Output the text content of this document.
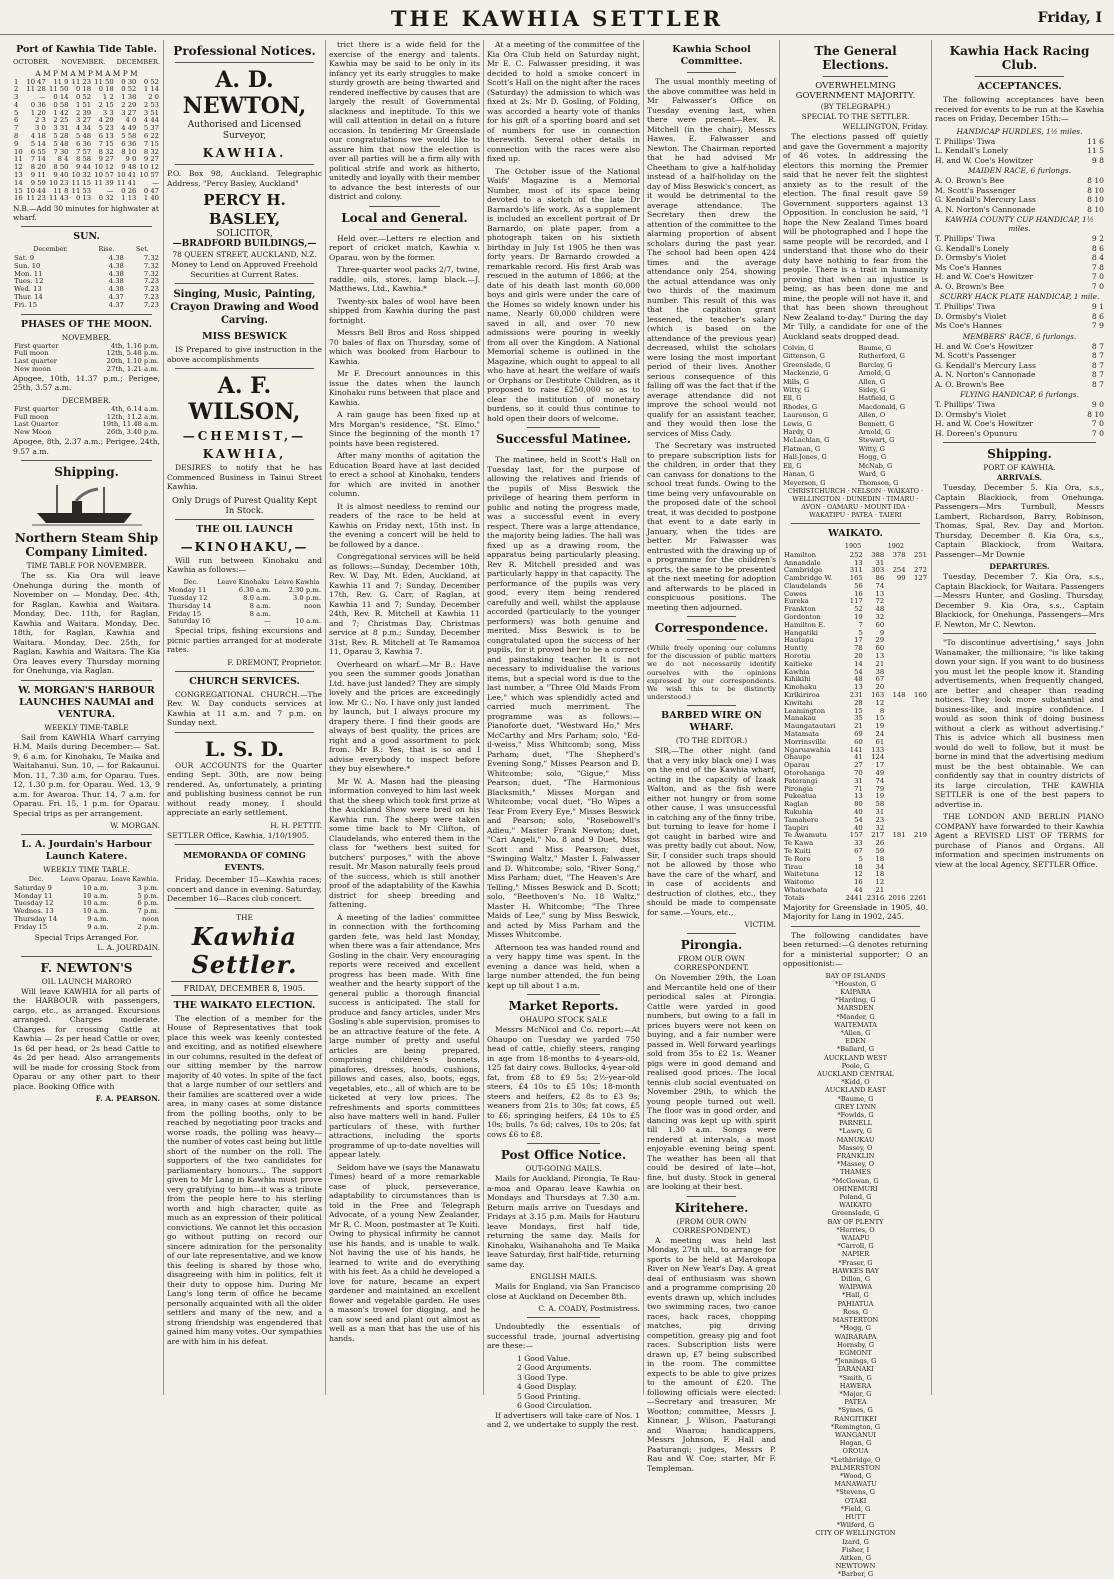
THE KAWHIA SETTLER	Friday, I
Port of Kawhia Tide Table.
OCTOBER. NOVEMBER. DECEMBER.
A M P M A M P M A M P M
1	10 47	11 9	11 23	11 50	0 30	0 52
2	11 28	11 50	0 18	0 18	0 52	1 14
3	—	0 14	0 52	1 2	1 38	2 0
4	0 36	0 58	1 51	2 15	2 29	2 53
5	1 20	1 42	2 39	3 3	3 27	3 51
6	2 3	2 25	3 27	4 29	4 0	4 44
7	3 0	3 31	4 34	5 23	4 49	5 37
8	4 18	5 28	5 48	6 13	5 58	6 22
9	5 14	5 48	6 36	7 15	6 36	7 15
10	6 55	7 30	7 57	8 32	8 10	8 32
11	7 14	8 4	8 58	9 27	9 0	9 27
12	8 20	8 50	9 44	10 12	9 48	10 12
13	9 11	9 40	10 32	10 57	10 41	10 57
14	9 59	10 23	11 15	11 39	11 41	—
15	10 44	11 8	11 53	—	0 26	0 47
16	11 23	11 43	0 13	0 32	1 13	1 40
N.B.—Add 30 minutes for highwater at wharf.
SUN.
December.	Rise.	Set.
Sat. 9	4.38	7.32
Sun. 10	4.38	7.32
Mon. 11	4.38	7.32
Tues. 12	4.38	7.23
Wed. 13	4.38	7.23
Thur. 14	4.37	7.23
Fri. 15	4.37	7.23
PHASES OF THE MOON.
NOVEMBER.
First quarter	4th, 1.16 p.m.
Full moon	12th, 5.48 p.m.
Last quarter	20th, 1.10 p.m.
New moon	27th, 1.21 a.m.

Apogee, 10th, 11.37 p.m.; Perigee, 25th, 3.57 a.m.

DECEMBER.
First quarter	4th, 6.14 a.m.
Full moon	12th, 11.2 a.m.
Last Quarter	19th, 11.48 a.m.
New Moon	26th, 3.40 p.m.

Apogee, 8th, 2.37 a.m.; Perigee, 24th, 9.57 a.m.

Shipping.
Northern Steam Ship Company Limited.
TIME TABLE FOR NOVEMBER.

The ss. Kia Ora will leave Onehunga during the month of November on — Monday, Dec. 4th, for Raglan, Kawhia and Waitara. Monday, Dec. 11th, for Raglan, Kawhia and Waitara. Monday, Dec. 18th, for Raglan, Kawhia and Waitara. Monday, Dec. 25th, for Raglan, Kawhia and Waitara. The Kia Ora leaves every Thursday morning for Onehunga, via Raglan.

W. MORGAN'S HARBOUR LAUNCHES NAUMAI and VENTURA.
WEEKLY TIME-TABLE

Sail from KAWHIA Wharf carrying H.M. Mails during December:— Sat. 9, 6 a.m. for Kinohaku, Te Maika and Waitahanui. Sun. 10, — for Rakaunui. Mon. 11, 7.30 a.m. for Oparau. Tues. 12, 1.30 p.m. for Oparau. Wed. 13, 9 a.m. for Awaroa. Thur. 14, 7 a.m. for Oparau. Fri. 15, 1 p.m. for Oparau. Special trips as per arrangement.

W. MORGAN.
L. A. Jourdain's Harbour Launch Katere.
WEEKLY TIME TABLE.
Dec.	Leave Oparau.	Leave Kawhia.
Saturday 9	10 a.m.	3 p.m.
Monday 11	10 a.m.	5 p.m.
Tuesday 12	10 a.m.	6 p.m.
Wednes. 13	10 a.m.	7 p.m.
Thursday 14	9 a.m.	noon
Friday 15	9 a.m.	2 p.m.
Special Trips Arranged For.
L. A. JOURDAIN.
F. NEWTON'S
OIL LAUNCH MARORO

Will leave KAWHIA for all parts of the HARBOUR with passengers, cargo, etc., as arranged. Excursions arranged. Charges moderate. Charges for crossing Cattle at Kawhia — 2s per head Cattle or over, 1s 6d per head, or 2s head Cattle to 4s 2d per head. Also arrangements will be made for crossing Stock from Oparau or any other part to their place. Booking Office with

F. A. PEARSON.
Professional Notices.
A. D. NEWTON,
Authorised and Licensed Surveyor,
KAWHIA.

P.O. Box 98, Auckland. Telegraphic Address, "Percy Basley, Auckland"

PERCY H. BASLEY,
SOLICITOR,
—BRADFORD BUILDINGS,—
78 QUEEN STREET, AUCKLAND, N.Z.

Money to Lend on Approved Freehold Securities at Current Rates.

Singing, Music, Painting, Crayon Drawing and Wood Carving.
MISS BESWICK

IS Prepared to give instruction in the above accomplishments

A. F. WILSON,
—CHEMIST,—
KAWHIA,

DESIRES to notify that he has Commenced Business in Tainui Street Kawhia.

Only Drugs of Purest Quality Kept In Stock.
THE OIL LAUNCH
—KINOHAKU,—

Will run between Kinohaku and Kawhia as follows:—

Dec.	Leave Kinohaku	Leave Kawhia
Monday 11	6.30 a.m.	2.30 p.m.
Tuesday 12	8.0 a.m.	3.0 p.m.
Thursday 14	8 a.m.	noon
Friday 15	8 a.m.	
Saturday 16	—	10 a.m.

Special trips, fishing excursions and picnic parties arranged for at moderate rates.

F. DREMONT, Proprietor.
CHURCH SERVICES.

CONGREGATIONAL CHURCH.—The Rev. W. Day conducts services at Kawhia at 11 a.m. and 7 p.m. on Sunday next.

L. S. D.

OUR ACCOUNTS for the Quarter ending Sept. 30th, are now being rendered. As, unfortunately, a printing and publishing business cannot be run without ready money, I should appreciate an early settlement.

H. H. PETTIT.

SETTLER Office, Kawhia, 1/10/1905.

MEMORANDA OF COMING EVENTS.

Friday, December 15—Kawhia races; concert and dance in evening. Saturday, December 16—Races club concert.

THE
Kawhia Settler.
FRIDAY, DECEMBER 8, 1905.
THE WAIKATO ELECTION.

The election of a member for the House of Representatives that took place this week was keenly contested and exciting, and as notified elsewhere in our columns, resulted in the defeat of our sitting member by the narrow majority of 40 votes. In spite of the fact that a large number of our settlers and their families are scattered over a wide area, in many cases at some distance from the polling booths, only to be reached by negotiating poor tracks and worse roads, the polling was heavy—the number of votes cast being but little short of the number on the roll. The supporters of the two candidates for parliamentary honours... The support given to Mr Lang in Kawhia must prove very gratifying to him—it was a tribute from the people here to his sterling worth and high character, quite as much as an expression of their political convictions. We cannot let this occasion go without putting on record our sincere admiration for the personality of our late representative, and we know this feeling is shared by those who, disagreeing with him in politics, felt it their duty to oppose him. During Mr Lang's long term of office he became personally acquainted with all the older settlers and many of the new, and a strong friendship was engendered that gained him many votes. Our sympathies are with him in his defeat.

trict there is a wide field for the exercise of the energy and talents. Kawhia may be said to be only in its infancy yet its early struggles to make sturdy growth are being thwarted and rendered ineffective by causes that are largely the result of Governmental slackness and ineptitude. To this we will call attention in detail on a future occasion. In tendering Mr Greenslade our congratulations we would like to assure him that now the election is over all parties will be a firm ally with political strife and work as hitherto, unitedly and loyally with their member to advance the best interests of our district and colony.

Local and General.

Held over.—Letters re election and report of cricket match, Kawhia v. Oparau, won by the former.

Three-quarter wool packs 2/7, twine, raddle, oils, stores, lamp black.—J. Matthews, Ltd., Kawhia.*

Twenty-six bales of wool have been shipped from Kawhia during the past fortnight.

Messrs Bell Bros and Ross shipped 70 bales of flax on Thursday, some of which was booked from Harbour to Kawhia.

Mr F. Drecourt announces in this issue the dates when the launch Kinohaku runs between that place and Kawhia.

A rain gauge has been fixed up at Mrs Morgan's residence, "St. Elmo." Since the beginning of the month 17 points have been registered.

After many months of agitation the Education Board have at last decided to erect a school at Kinohaku, tenders for which are invited in another column.

It is almost needless to remind our readers of the race to be held at Kawhia on Friday next, 15th inst. In the evening a concert will be held to be followed by a dance.

Congregational services will be held as follows:—Sunday, December 10th, Rev. W. Day, Mt. Eden, Auckland, at Kawhia 11 and 7; Sunday, December 17th, Rev. G. Carr, of Raglan, at Kawhia 11 and 7; Sunday, December 24th, Rev. R. Mitchell at Kawhia 11 and 7; Christmas Day, Christmas service at 8 p.m.; Sunday, December 31st, Rev. R. Mitchell at Te Ramamoa 11, Oparau 3, Kawhia 7.

Overheard on wharf.—Mr B.: Have you seen the summer goods Jonathan Ltd. have just landed? They are simply lovely and the prices are exceedingly low. Mr C.: No. I have only just landed by launch, but I always procure my drapery there. I find their goods are always of best quality, the prices are right and a good assortment to pick from. Mr B.: Yes, that is so and I advise everybody to inspect before they buy elsewhere.*

Mr W. A. Mason had the pleasing information conveyed to him last week that the sheep which took first prize at the Auckland Show were bred on his Kawhia run. The sheep were taken some time back to Mr Clifton, of Claudelands, who entered them in the class for "wethers best suited for butchers' purposes," with the above result. Mr Mason naturally feels proud of the success, which is still another proof of the adaptability of the Kawhia district for sheep breeding and fattening.

A meeting of the ladies' committee in connection with the forthcoming garden fete, was held last Monday, when there was a fair attendance, Mrs Gosling in the chair. Very encouraging reports were received and excellent progress has been made. With fine weather and the hearty support of the general public a thorough financial success is anticipated. The stall for produce and fancy articles, under Mrs Gosling's able supervision, promises to be an attractive feature of the fete. A large number of pretty and useful articles are being prepared, comprising children's bonnets, pinafores, dresses, hoods, cushions, pillows and cases, also, boots, eggs, vegetables, etc., all of which are to be ticketed at very low prices. The refreshments and sports committees also have matters well in hand. Fuller particulars of these, with further attractions, including the sports programme of up-to-date novelties will appear lately.

Seldom have we (says the Manawatu Times) heard of a more remarkable case of pluck, perseverance, adaptability to circumstances than is told in the Free and Telegraph Advocate, of a young New Zealander, Mr R. C. Moon, postmaster at Te Kuiti. Owing to physical infirmity he cannot use his hands, and is unable to walk. Not having the use of his hands, he learned to write and do everything with his feet. As a child he developed a love for nature, became an expert gardener and maintained an excellent flower and vegetable garden. He uses a mason's trowel for digging, and he can sow seed and plant out almost as well as a man that has the use of his hands.

At a meeting of the committee of the Kia Ora Club held on Saturday night, Mr E. C. Falwasser presiding, it was decided to hold a smoke concert in Scott's Hall on the night after the races (Saturday) the admission to which was fixed at 2s. Mr D. Gosling, of Folding, was accorded a hearty vote of thanks for his gift of a sporting board and set of numbers for use in connection therewith. Several other details in connection with the races were also fixed up.

The October issue of the National Waifs' Magazine is a Memorial Number, most of its space being devoted to a sketch of the late Dr Barnardo's life work. As a supplement is included an excellent portrait of Dr Barnardo, on plate paper, from a photograph taken on his sixtieth birthday in July 1st 1905 he then was forty years. Dr Barnardo crowded a remarkable record. His first Arab was rescued in the autumn of 1866; at the date of his death last month 60,000 boys and girls were under the care of the Homes so widely known under his name. Nearly 60,000 children were saved in all, and over 70 new admissions were pouring in weekly from all over the Kingdom. A National Memorial scheme is outlined in the Magazine, which ought to appeal to all who have at heart the welfare of waifs or Orphans or Destitute Children, as it proposed to raise £250,000 so as to clear the institution of monetary burdens, so it could thus continue to hold open their doors of welcome.

Successful Matinee.

The matinee, held in Scott's Hall on Tuesday last, for the purpose of allowing the relatives and friends of the pupils of Miss Beswick the privilege of hearing them perform in public and noting the progress made, was a successful event in every respect. There was a large attendance, the majority being ladies. The hall was fixed up as a drawing room, the apparatus being particularly pleasing. Rev R. Mitchell presided and was particularly happy in that capacity. The performance of the pupils was very good, every item being rendered carefully and well, whilst the applause accorded (particularly to the younger performers) was both genuine and merited. Miss Beswick is to be congratulated upon the success of her pupils, for it proved her to be a correct and painstaking teacher. It is not necessary to individualise the various items, but a special word is due to the last number, a "Three Old Maids From Lee," which was splendidly acted and carried much merriment. The programme was as follows:— Pianoforte duet, "Westward Ho," Mrs McCarthy and Mrs Parham; solo, "Ed-il-weiss," Miss Whitcomb; song, Miss Parham; duet, "The Shepherd's Evening Song," Misses Pearson and D. Whitcombe; solo, "Gigue," Miss Pearson; duet, "The Harmonious Blacksmith," Misses Morgan and Whitcombe; vocal duet, "Ho Wipes a Tear From Every Eye," Misses Beswick and Pearson; solo, "Rosebowell's Adieu," Master Frank Newton; duet, "Cari Angeli," No. 8 and 9 Duet, Miss Scott and Miss Pearson; duet, "Swinging Waltz," Master I. Falwasser and D. Whitcombe; solo, "River Song," Miss Parham; duet, "The Heaven's Are Telling," Misses Beswick and D. Scott; solo, "Beethoven's No. 18 Waltz," Master H. Whitcombe; "The Three Maids of Lee," sung by Miss Beswick, and acted by Miss Parham and the Misses Whitcombe.

Afternoon tea was handed round and a very happy time was spent. In the evening a dance was held, when a large number attended, the fun being kept up till about 1 a.m.

Market Reports.
OHAUPO STOCK SALE

Messrs McNicol and Co. report:—At Ohaupo on Tuesday we yarded 750 head of cattle, chiefly steers, ranging in age from 18-months to 4-years-old, 125 fat dairy cows. Bullocks, 4-year-old fat, from £8 to £9 5s; 2½-year-old steers, £4 10s to £5 10s; 18-month steers and heifers, £2 8s to £3 9s; weaners from 21s to 30s; fat cows, £5 to £6; springing heifers, £4 10s to £5 10s; bulls, 7s 6d; calves, 10s to 20s; fat cows £6 to £8.

Post Office Notice.
OUT-GOING MAILS.

Mails for Auckland, Pirongia, Te Rau-a-moa and Oparau leave Kawhia on Mondays and Thursdays at 7.30 a.m. Return mails arrive on Tuesdays and Fridays at 3.15 p.m. Mails for Hauturu leave Mondays, first half tide, returning the same day. Mails for Kinohaku, Waihanahoha and Te Maika leave Saturday, first half-tide, returning same day.

ENGLISH MAILS.

Mails for England, via San Francisco close at Auckland on December 8th.

C. A. COADY, Postmistress.

Undoubtedly the essentials of successful trade, journal advertising are these:—

1 Good Value.
2 Good Arguments.
3 Good Type.
4 Good Display.
5 Good Printing.
6 Good Circulation.

If advertisers will take care of Nos. 1 and 2, we undertake to supply the rest.

Kawhia School Committee.

The usual monthly meeting of the above committee was held in Mr Falwasser's Office on Tuesday evening last, when there were present—Rev. R. Mitchell (in the chair), Messrs Hawes, E. Falwasser and Newton. The Chairman reported that he had advised Mr Cheetham to give a half-holiday instead of a half-holiday on the day of Miss Beswick's concert, as it would be detrimental to the average attendance. The Secretary then drew the attention of the committee to the alarming proportion of absent scholars during the past year. The school had been open 424 times and the average attendance only 254, showing the actual attendance was only two thirds of the maximum number. This result of this was that the capitation grant lessened, the teacher's salary (which is based on the attendance of the previous year) decreased, whilst the scholars were losing the most important period of their lives. Another serious consequence of this falling off was the fact that if the average attendance did not improve the school would not qualify for an assistant teacher, and they would then lose the services of Miss Cady.

The Secretary was instructed to prepare subscription lists for the children, in order that they can canvass for donations to the school treat funds. Owing to the time being very unfavourable on the proposed date of the school treat, it was decided to postpone that event to a date early in January, when the tides are better. Mr Falwasser was entrusted with the drawing up of a programme for the children's sports, the same to be presented at the next meeting for adoption and afterwards to be placed in conspicuous positions. The meeting then adjourned.

Correspondence.

(While freely opening our columns for the discussion of public matters we do not necessarily identify ourselves with the opinions expressed by our correspondents. We wish this to be distinctly understood.)

BARBED WIRE ON WHARF.
(TO THE EDITOR.)

SIR,—The other night (and that a very inky black one) I was on the end of the Kawhia wharf, acting in the capacity of Izaak Walton, and as the fish were either not hungry or from some other cause, I was unsuccessful in catching any of the finny tribe, but turning to leave for home I got caught in barbed wire and was pretty badly cut about. Now, Sir, I consider such traps should not be allowed by those who have the care of the wharf, and in case of accidents and destruction of clothes, etc., they should be made to compensate for same.—Yours, etc.,

VICTIM.
Pirongia.
FROM OUR OWN CORRESPONDENT.

On November 29th, the Loan and Mercantile held one of their periodical sales at Pirongia. Cattle were yarded in good numbers, but owing to a fall in prices buyers were not keen on buying, and a fair number were passed in. Well forward yearlings sold from 35s to £2 1s. Weaner pigs were in good demand and realised good prices. The local tennis club social eventuated on November 29th, to which the young people turned out well. The floor was in good order, and dancing was kept up with spirit till 1.30 a.m. Songs were rendered at intervals, a most enjoyable evening being spent. The weather has been all that could be desired of late—hot, fine, but dusty. Stock in general are looking at their best.

Kiritehere.
(FROM OUR OWN CORRESPONDENT.)

A meeting was held last Monday, 27th ult., to arrange for sports to be held at Marokopa River on New Year's Day. A great deal of enthusiasm was shown and a programme comprising 20 events drawn up, which includes two swimming races, two canoe races, hack races, chopping matches, pig driving competition, greasy pig and foot races. Subscription lists were drawn up, £7 being subscribed in the room. The committee expects to be able to give prizes to the amount of £20. The following officials were elected:—Secretary and treasurer, Mr Wootton; committee, Messrs J. Kinnear, J. Wilson, Paaturangi and Waaroa; handicappers, Messrs Johnson, F. Hall and Paaturangi; judges, Messrs P. Rau and W. Coe; starter, Mr F. Templeman.

The General Elections.
OVERWHELMING GOVERNMENT MAJORITY.
(BY TELEGRAPH.)
SPECIAL TO THE SETTLER.
WELLINGTON, Friday.

The elections passed off quietly and gave the Government a majority of 46 votes. In addressing the electors this morning the Premier said that he never felt the slightest anxiety as to the result of the election. The final result gave 59 Government supporters against 13 Opposition. In conclusion he said, "I hope the New Zealand Times board will be photographed and I hope the same people will be recorded, and I understand that those who do their duty have nothing to fear from the people. There is a trait in humanity proving that when an injustice is being, as has been done me and mine, the people will not have it, and that has been shown throughout New Zealand to-day." During the day Mr Tilly, a candidate for one of the Auckland seats dropped dead.

Colvin, G
Gittenson, G
Greenslade, G
Mackenzie, G
Mills, G
Witty, G
Ell, G
Rhodes, G
Laurenson, G
Lewis, G
Hardy, O
McLachlan, G
Flatman, G
Hall-Jones, G
Ell, G
Hanan, G
Meyerson, G
Baume, G
Rutherford, G
Barclay, G
Arnold, G
Allen, G
Sidey, G
Hatfield, G
Macdonald, G
Allen, O
Bennett, G
Arnold, G
Stewart, G
Witty, G
Hogg, G
McNab, G
Ward, G
Thomson, G
CHRISTCHURCH · NELSON · WAIKATO · WELLINGTON · DUNEDIN · TIMARU · AVON · OAMARU · MOUNT IDA · WAKATIPU · PATEA · TAIERI
WAIKATO.
	1905		1902	
Hamilton	252	388	378	251
Annandale	13	31		
Cambridge	311	303	254	272
Cambridge W.	165	86	99	127
Claudelands	56	74		
Cowes	16	13		
Eureka	117	72		
Frankton	52	48		
Gordonton	19	32		
Hamilton E.	7	60		
Hangatiki	5	9		
Hautapu	17	29		
Huntly	78	60		
Horotiu	20	13		
Kaitieke	14	21		
Kawhia	54	38		
Kihikihi	48	67		
Kinohaku	13	20		
Kirikiriroa	231	163	148	160
Kiwitahi	28	12		
Leamington	15	8		
Manakau	35	15		
Maungatautari	21	19		
Matamata	69	24		
Morrinsville	60	61		
Ngaruawahia	141	133		
Ohaupo	41	124		
Oparau	27	17		
Otorohanga	70	49		
Paterangi	31	74		
Pirongia	71	79		
Pukeatua	13	19		
Raglan	80	58		
Rukuhia	40	31		
Tamahere	54	23		
Taupiri	40	32		
Te Awamutu	157	217	181	219
Te Kawa	33	26		
Te Kuiti	67	59		
Te Rore	5	18		
Tirau	18	34		
Waitetuna	12	18		
Waitomo	16	12		
Whatawhata	44	21		
Totals	2441	2316	2016	2261

Majority for Greenslade in 1905, 40. Majority for Lang in 1902, 245.

The following candidates have been returned:—G denotes returning for a ministerial supporter; O an oppositionist:—

BAY OF ISLANDS
*Houston, G
KAIPARA
*Harding, G
MARSDEN
*Mander, G
WAITEMATA
*Allen, G
EDEN
*Ballard, G
AUCKLAND WEST
Poole, G
AUCKLAND CENTRAL
*Kidd, O
AUCKLAND EAST
*Baume, G
GREY LYNN
*Fowlds, G
PARNELL
*Lawry, G
MANUKAU
Massey, O
FRANKLIN
*Massey, O
THAMES
*McGowan, G
OHINEMURI
Poland, G
WAIKATO
Greenslade, G
BAY OF PLENTY
*Herries, O
WAIAPU
*Carroll, G
NAPIER
*Fraser, G
HAWKES BAY
Dillon, G
WAIPAWA
*Hall, G
PAHIATUA
Ross, G
MASTERTON
*Hogg, G
WAIRARAPA
Hornsby, G
EGMONT
*Jennings, G
TARANAKI
*Smith, G
HAWERA
*Major, G
PATEA
*Symes, G
RANGITIKEI
*Remington, G
WANGANUI
Hogan, G
OROUA
*Lethbridge, O
PALMERSTON
*Wood, G
MANAWATU
*Stevens, G
OTAKI
*Field, G
HUTT
*Wilford, G
CITY OF WELLINGTON
Izard, G
Fisher, I
Aitken, G
NEWTOWN
*Barber, G
Kawhia Hack Racing Club.
ACCEPTANCES.

The following acceptances have been received for events to be run at the Kawhia races on Friday, December 15th:—

HANDICAP HURDLES, 1½ miles.
T. Phillips' Tiwa	11 6
L. Kendall's Lonely	11 5
H. and W. Coe's Howitzer	9 8
MAIDEN RACE, 6 furlongs.
A. O. Brown's Bee	8 10
M. Scott's Passenger	8 10
G. Kendall's Mercury Lass	8 10
A. N. Norton's Cannonade	8 10
KAWHIA COUNTY CUP HANDICAP, 1½ miles.
T. Phillips' Tiwa	9 2
G. Kendall's Lonely	8 6
D. Ormsby's Violet	8 4
Ms Coe's Hannes	7 8
H. and W. Coe's Howitzer	7 0
A. O. Brown's Bee	7 0
SCURRY HACK PLATE HANDICAP, 1 mile.
T. Phillips' Tiwa	9 1
D. Ormsby's Violet	8 6
Ms Coe's Hannes	7 9
MEMBERS' RACE, 6 furlongs.
H. and W. Coe's Howitzer	8 7
M. Scott's Passenger	8 7
G. Kendall's Mercury Lass	8 7
A. N. Norton's Cannonade	8 7
A. O. Brown's Bee	8 7
FLYING HANDICAP, 6 furlongs.
T. Phillips' Tiwa	9 0
D. Ormsby's Violet	8 10
H. and W. Coe's Howitzer	7 0
H. Doreen's Opunuru	7 0
Shipping.
PORT OF KAWHIA.
ARRIVALS.

Tuesday, December 5. Kia Ora, s.s., Captain Blackiock, from Onehunga. Passengers—Mrs Turnbull, Messrs Lambert, Richardson, Barry, Robinson, Thomas, Spal, Rev. Day and Morton. Thursday, December 8. Kia Ora, s.s., Captain Blackiock, from Waitara. Passenger—Mr Downie

DEPARTURES.

Tuesday, December 7. Kia Ora, s.s., Captain Blackiock, for Waitara. Passengers—Messrs Hunter, and Gosling. Thursday, December 9. Kia Ora, s.s., Captain Blackiock, for Onehunga. Passengers—Mrs F. Newton, Mr C. Newton.

"To discontinue advertising," says John Wanamaker, the millionaire, "is like taking down your sign. If you want to do business you must let the people know it. Standing advertisements, when frequently changed, are better and cheaper than reading notices. They look more substantial and business-like, and inspire confidence. I would as soon think of doing business without a clerk as without advertising." This is advice which all business men would do well to follow, but it must be borne in mind that the advertising medium must be the best obtainable. We can confidently say that in country districts of its large circulation, THE KAWHIA SETTLER is one of the best papers to advertise in.

THE LONDON AND BERLIN PIANO COMPANY have forwarded to their Kawhia Agent a REVISED LIST OF TERMS for purchase of Pianos and Organs. All information and specimen instruments on view at the local Agency, SETTLER Office.
